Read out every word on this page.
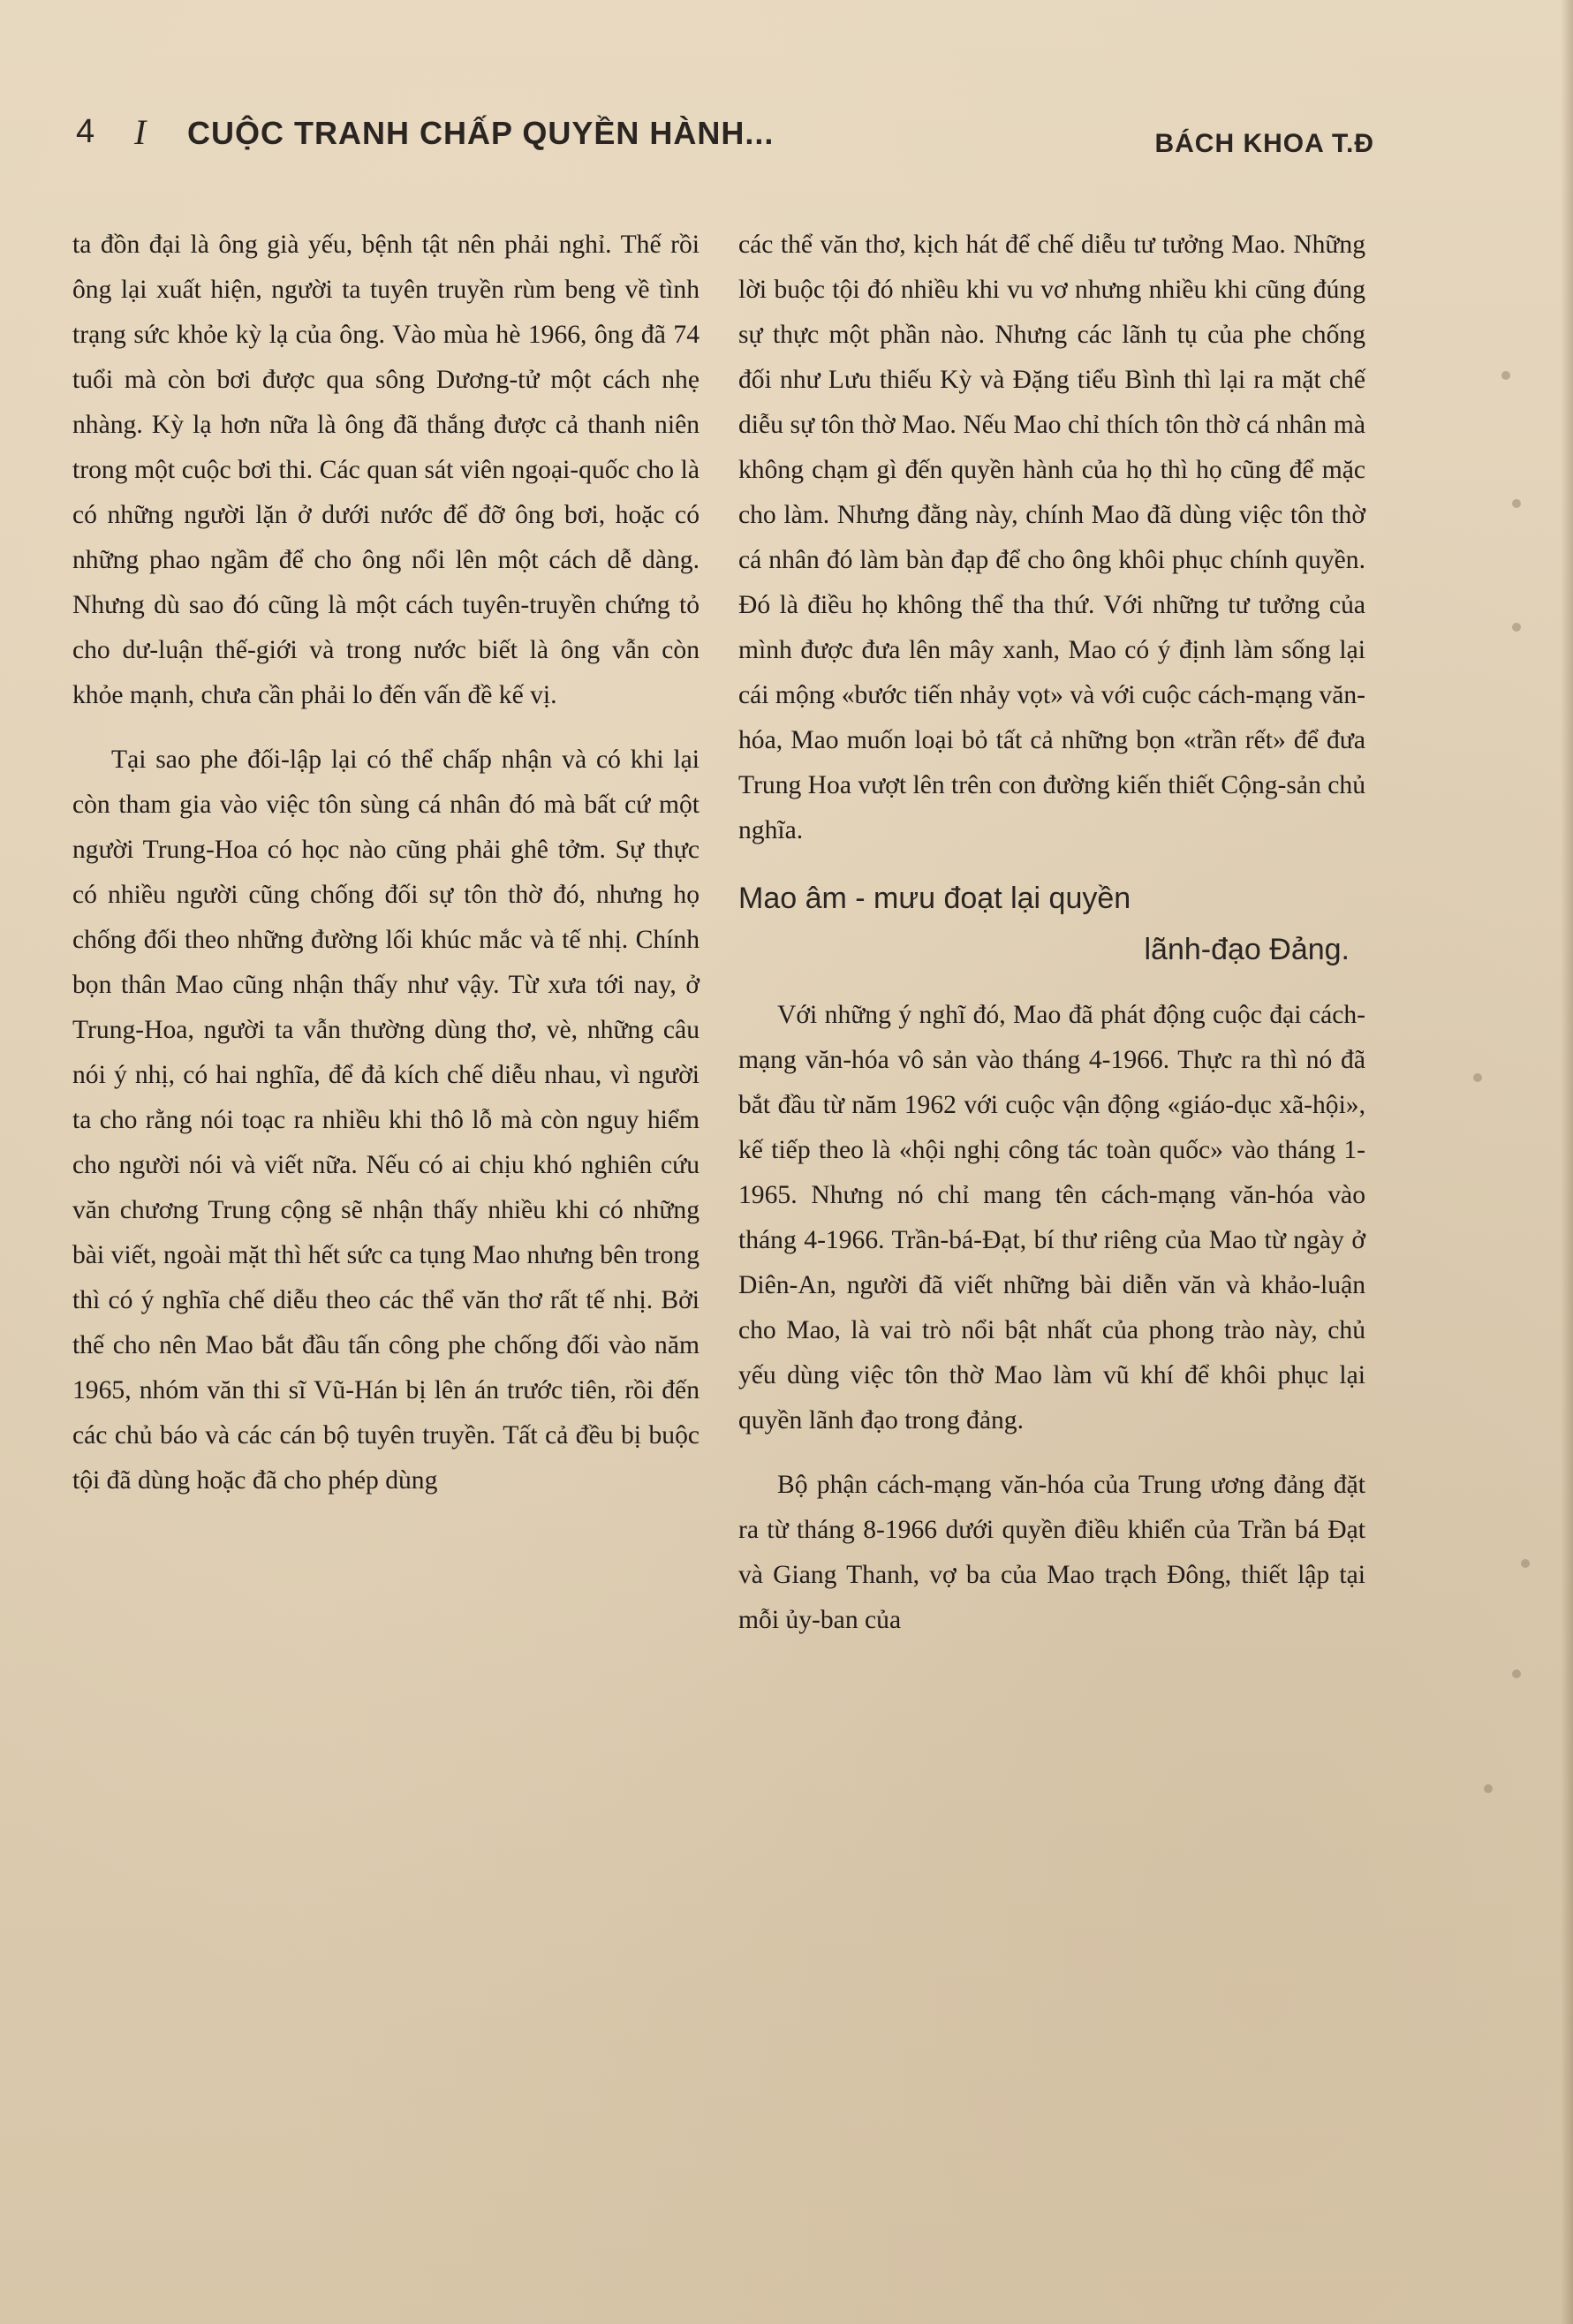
4 I CUỘC TRANH CHẤP QUYỀN HÀNH...	BÁCH KHOA T.Đ

ta đồn đại là ông già yếu, bệnh tật nên phải nghỉ. Thế rồi ông lại xuất hiện, người ta tuyên truyền rùm beng về tình trạng sức khỏe kỳ lạ của ông. Vào mùa hè 1966, ông đã 74 tuổi mà còn bơi được qua sông Dương-tử một cách nhẹ nhàng. Kỳ lạ hơn nữa là ông đã thắng được cả thanh niên trong một cuộc bơi thi. Các quan sát viên ngoại-quốc cho là có những người lặn ở dưới nước để đỡ ông bơi, hoặc có những phao ngầm để cho ông nổi lên một cách dễ dàng. Nhưng dù sao đó cũng là một cách tuyên-truyền chứng tỏ cho dư-luận thế-giới và trong nước biết là ông vẫn còn khỏe mạnh, chưa cần phải lo đến vấn đề kế vị.

Tại sao phe đối-lập lại có thể chấp nhận và có khi lại còn tham gia vào việc tôn sùng cá nhân đó mà bất cứ một người Trung-Hoa có học nào cũng phải ghê tởm. Sự thực có nhiều người cũng chống đối sự tôn thờ đó, nhưng họ chống đối theo những đường lối khúc mắc và tế nhị. Chính bọn thân Mao cũng nhận thấy như vậy. Từ xưa tới nay, ở Trung-Hoa, người ta vẫn thường dùng thơ, vè, những câu nói ý nhị, có hai nghĩa, để đả kích chế diễu nhau, vì người ta cho rằng nói toạc ra nhiều khi thô lỗ mà còn nguy hiểm cho người nói và viết nữa. Nếu có ai chịu khó nghiên cứu văn chương Trung cộng sẽ nhận thấy nhiều khi có những bài viết, ngoài mặt thì hết sức ca tụng Mao nhưng bên trong thì có ý nghĩa chế diễu theo các thể văn thơ rất tế nhị. Bởi thế cho nên Mao bắt đầu tấn công phe chống đối vào năm 1965, nhóm văn thi sĩ Vũ-Hán bị lên án trước tiên, rồi đến các chủ báo và các cán bộ tuyên truyền. Tất cả đều bị buộc tội đã dùng hoặc đã cho phép dùng

các thể văn thơ, kịch hát để chế diễu tư tưởng Mao. Những lời buộc tội đó nhiều khi vu vơ nhưng nhiều khi cũng đúng sự thực một phần nào. Nhưng các lãnh tụ của phe chống đối như Lưu thiếu Kỳ và Đặng tiểu Bình thì lại ra mặt chế diễu sự tôn thờ Mao. Nếu Mao chỉ thích tôn thờ cá nhân mà không chạm gì đến quyền hành của họ thì họ cũng để mặc cho làm. Nhưng đằng này, chính Mao đã dùng việc tôn thờ cá nhân đó làm bàn đạp để cho ông khôi phục chính quyền. Đó là điều họ không thể tha thứ. Với những tư tưởng của mình được đưa lên mây xanh, Mao có ý định làm sống lại cái mộng «bước tiến nhảy vọt» và với cuộc cách-mạng văn-hóa, Mao muốn loại bỏ tất cả những bọn «trần rết» để đưa Trung Hoa vượt lên trên con đường kiến thiết Cộng-sản chủ nghĩa.

Mao âm - mưu đoạt lại quyền
lãnh-đạo Đảng.

Với những ý nghĩ đó, Mao đã phát động cuộc đại cách-mạng văn-hóa vô sản vào tháng 4-1966. Thực ra thì nó đã bắt đầu từ năm 1962 với cuộc vận động «giáo-dục xã-hội», kế tiếp theo là «hội nghị công tác toàn quốc» vào tháng 1-1965. Nhưng nó chỉ mang tên cách-mạng văn-hóa vào tháng 4-1966. Trần-bá-Đạt, bí thư riêng của Mao từ ngày ở Diên-An, người đã viết những bài diễn văn và khảo-luận cho Mao, là vai trò nổi bật nhất của phong trào này, chủ yếu dùng việc tôn thờ Mao làm vũ khí để khôi phục lại quyền lãnh đạo trong đảng.

Bộ phận cách-mạng văn-hóa của Trung ương đảng đặt ra từ tháng 8-1966 dưới quyền điều khiển của Trần bá Đạt và Giang Thanh, vợ ba của Mao trạch Đông, thiết lập tại mỗi ủy-ban của
